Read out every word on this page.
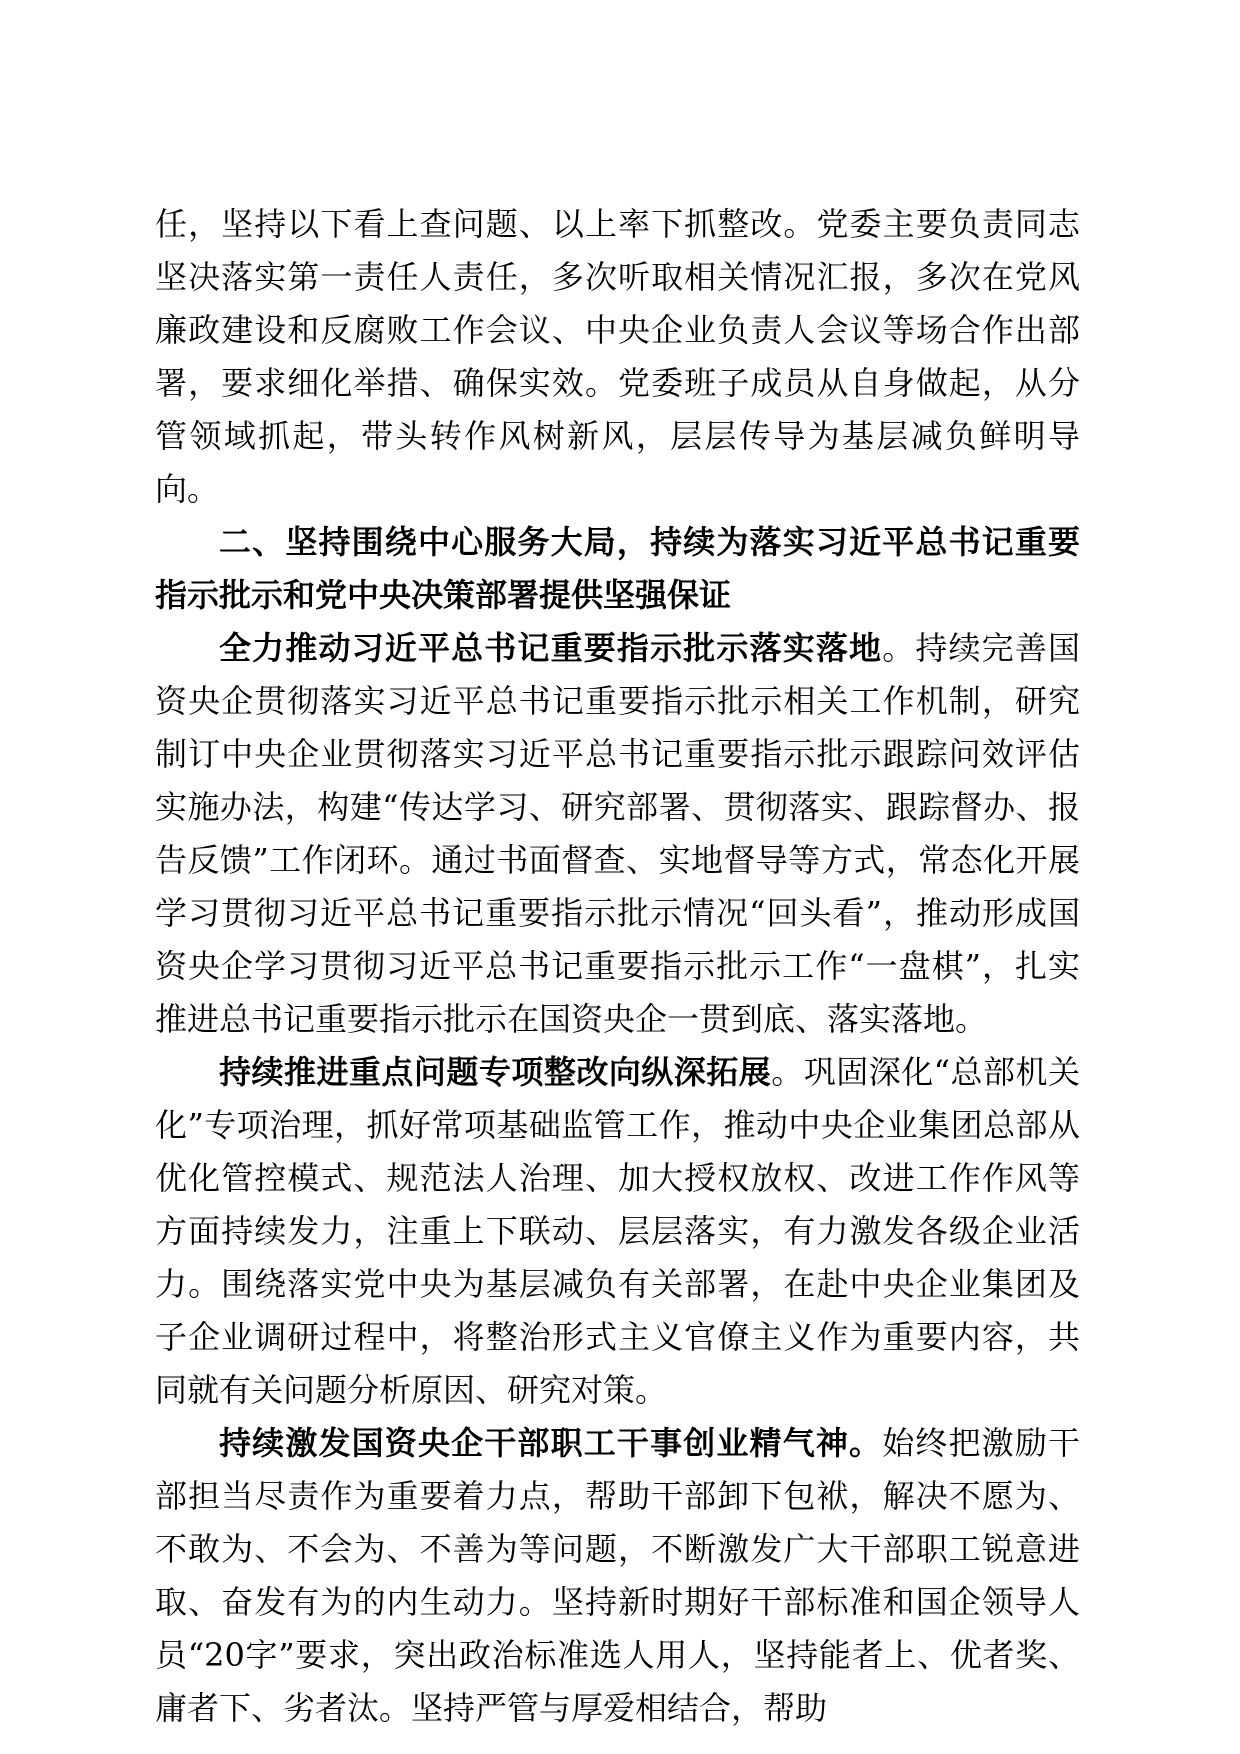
任，坚持以下看上查问题、以上率下抓整改。党委主要负责同志坚决落实第一责任人责任，多次听取相关情况汇报，多次在党风廉政建设和反腐败工作会议、中央企业负责人会议等场合作出部署，要求细化举措、确保实效。党委班子成员从自身做起，从分管领域抓起，带头转作风树新风，层层传导为基层减负鲜明导向。

二、坚持围绕中心服务大局，持续为落实习近平总书记重要指示批示和党中央决策部署提供坚强保证

全力推动习近平总书记重要指示批示落实落地。持续完善国资央企贯彻落实习近平总书记重要指示批示相关工作机制，研究制订中央企业贯彻落实习近平总书记重要指示批示跟踪问效评估实施办法，构建“传达学习、研究部署、贯彻落实、跟踪督办、报告反馈”工作闭环。通过书面督查、实地督导等方式，常态化开展学习贯彻习近平总书记重要指示批示情况“回头看”，推动形成国资央企学习贯彻习近平总书记重要指示批示工作“一盘棋”，扎实推进总书记重要指示批示在国资央企一贯到底、落实落地。

持续推进重点问题专项整改向纵深拓展。巩固深化“总部机关化”专项治理，抓好常项基础监管工作，推动中央企业集团总部从优化管控模式、规范法人治理、加大授权放权、改进工作作风等方面持续发力，注重上下联动、层层落实，有力激发各级企业活力。围绕落实党中央为基层减负有关部署，在赴中央企业集团及子企业调研过程中，将整治形式主义官僚主义作为重要内容，共同就有关问题分析原因、研究对策。

持续激发国资央企干部职工干事创业精气神。始终把激励干部担当尽责作为重要着力点，帮助干部卸下包袱，解决不愿为、不敢为、不会为、不善为等问题，不断激发广大干部职工锐意进取、奋发有为的内生动力。坚持新时期好干部标准和国企领导人员“20字”要求，突出政治标准选人用人，坚持能者上、优者奖、庸者下、劣者汰。坚持严管与厚爱相结合，帮助
